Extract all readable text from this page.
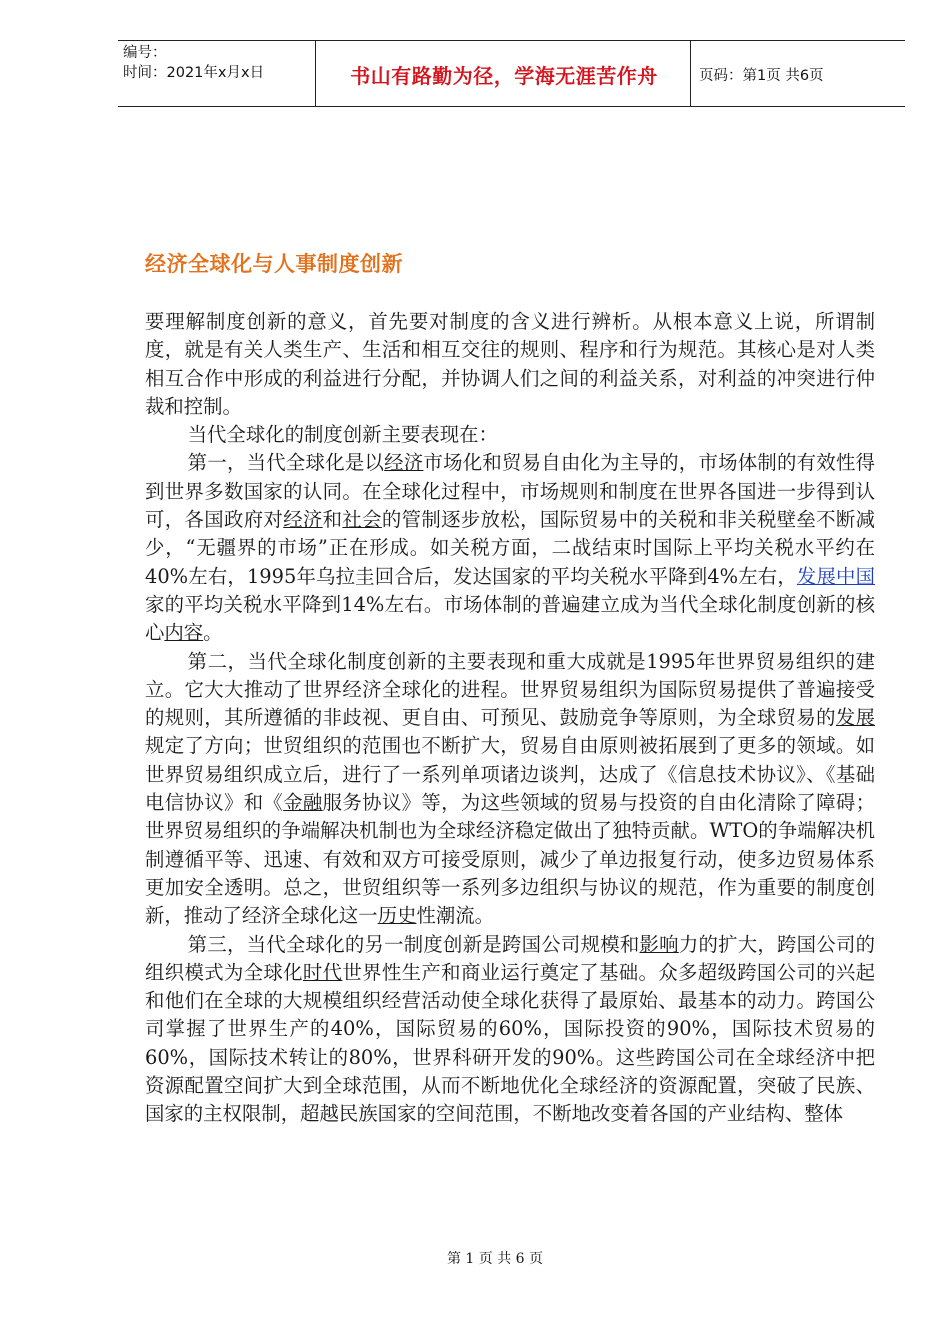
编号：
时间：2021年x月x日	书山有路勤为径，学海无涯苦作舟	页码：第1页 共6页
经济全球化与人事制度创新

要理解制度创新的意义，首先要对制度的含义进行辨析。从根本意义上说，所谓制度，就是有关人类生产、生活和相互交往的规则、程序和行为规范。其核心是对人类相互合作中形成的利益进行分配，并协调人们之间的利益关系，对利益的冲突进行仲裁和控制。

当代全球化的制度创新主要表现在：

第一，当代全球化是以经济市场化和贸易自由化为主导的，市场体制的有效性得到世界多数国家的认同。在全球化过程中，市场规则和制度在世界各国进一步得到认可，各国政府对经济和社会的管制逐步放松，国际贸易中的关税和非关税壁垒不断减少，“无疆界的市场”正在形成。如关税方面，二战结束时国际上平均关税水平约在40%左右，1995年乌拉圭回合后，发达国家的平均关税水平降到4%左右，发展中国家的平均关税水平降到14%左右。市场体制的普遍建立成为当代全球化制度创新的核心内容。

第二，当代全球化制度创新的主要表现和重大成就是1995年世界贸易组织的建立。它大大推动了世界经济全球化的进程。世界贸易组织为国际贸易提供了普遍接受的规则，其所遵循的非歧视、更自由、可预见、鼓励竞争等原则，为全球贸易的发展规定了方向；世贸组织的范围也不断扩大，贸易自由原则被拓展到了更多的领域。如世界贸易组织成立后，进行了一系列单项诸边谈判，达成了《信息技术协议》、《基础电信协议》和《金融服务协议》等，为这些领域的贸易与投资的自由化清除了障碍；世界贸易组织的争端解决机制也为全球经济稳定做出了独特贡献。WTO的争端解决机制遵循平等、迅速、有效和双方可接受原则，减少了单边报复行动，使多边贸易体系更加安全透明。总之，世贸组织等一系列多边组织与协议的规范，作为重要的制度创新，推动了经济全球化这一历史性潮流。

第三，当代全球化的另一制度创新是跨国公司规模和影响力的扩大，跨国公司的组织模式为全球化时代世界性生产和商业运行奠定了基础。众多超级跨国公司的兴起和他们在全球的大规模组织经营活动使全球化获得了最原始、最基本的动力。跨国公司掌握了世界生产的40%，国际贸易的60%，国际投资的90%，国际技术贸易的60%，国际技术转让的80%，世界科研开发的90%。这些跨国公司在全球经济中把资源配置空间扩大到全球范围，从而不断地优化全球经济的资源配置，突破了民族、国家的主权限制，超越民族国家的空间范围，不断地改变着各国的产业结构、整体

第 1 页 共 6 页
